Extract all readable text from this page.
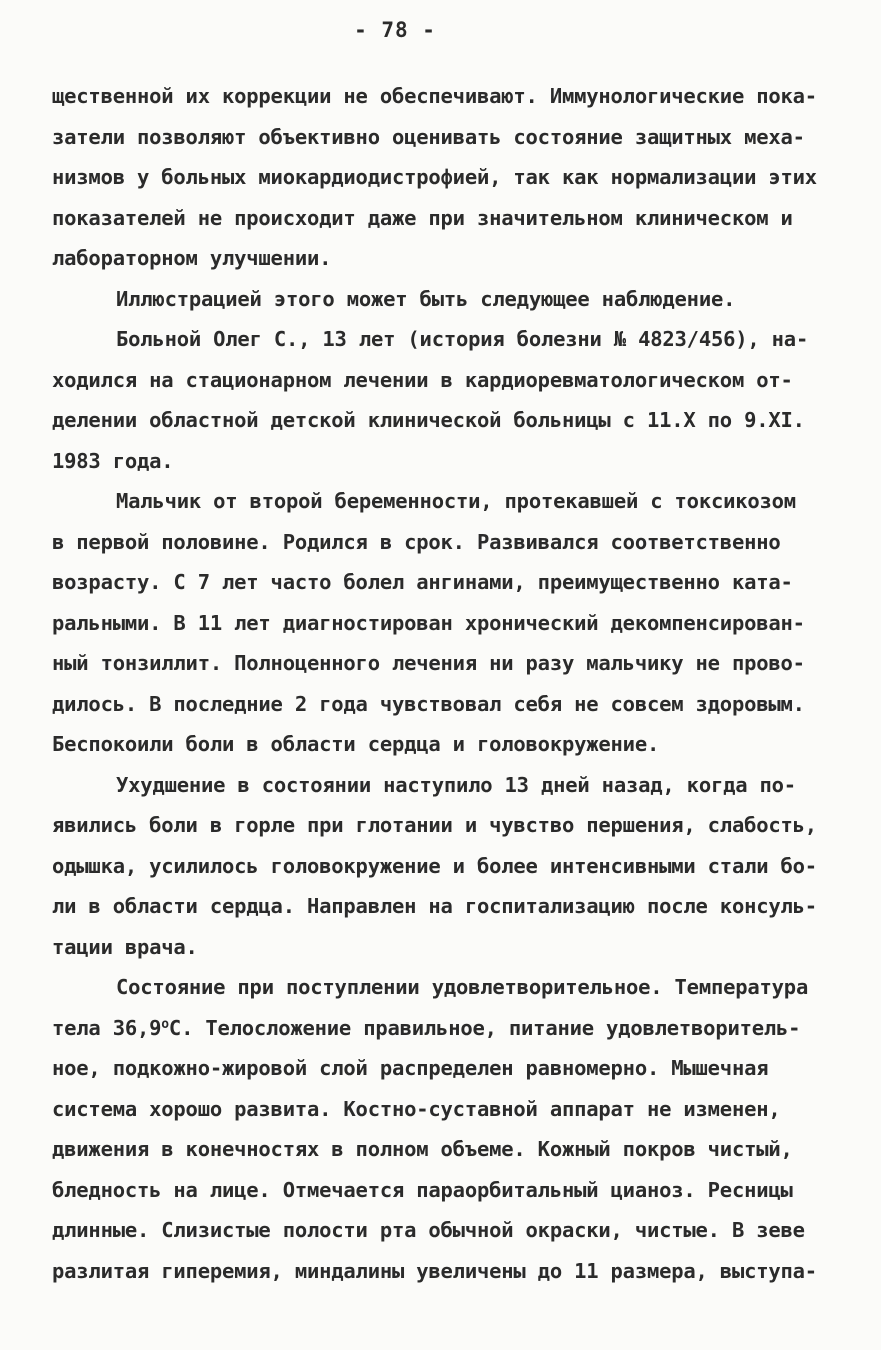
- 78 -
щественной их коррекции не обеспечивают. Иммунологические пока-
затели позволяют объективно оценивать состояние защитных меха-
низмов у больных миокардиодистрофией, так как нормализации этих
показателей не происходит даже при значительном клиническом и
лабораторном улучшении.
Иллюстрацией этого может быть следующее наблюдение.
Больной Олег С., 13 лет (история болезни № 4823/456), на-
ходился на стационарном лечении в кардиоревматологическом от-
делении областной детской клинической больницы с 11.X по 9.XI.
1983 года.
Мальчик от второй беременности, протекавшей с токсикозом
в первой половине. Родился в срок. Развивался соответственно
возрасту. С 7 лет часто болел ангинами, преимущественно ката-
ральными. В 11 лет диагностирован хронический декомпенсирован-
ный тонзиллит. Полноценного лечения ни разу мальчику не прово-
дилось. В последние 2 года чувствовал себя не совсем здоровым.
Беспокоили боли в области сердца и головокружение.
Ухудшение в состоянии наступило 13 дней назад, когда по-
явились боли в горле при глотании и чувство першения, слабость,
одышка, усилилось головокружение и более интенсивными стали бо-
ли в области сердца. Направлен на госпитализацию после консуль-
тации врача.
Состояние при поступлении удовлетворительное. Температура
тела $36,9^оС$. Телосложение правильное, питание удовлетворитель-
ное, подкожно-жировой слой распределен равномерно. Мышечная
система хорошо развита. Костно-суставной аппарат не изменен,
движения в конечностях в полном объеме. Кожный покров чистый,
бледность на лице. Отмечается параорбитальный цианоз. Ресницы
длинные. Слизистые полости рта обычной окраски, чистые. В зеве
разлитая гиперемия, миндалины увеличены до 11 размера, выступа-
